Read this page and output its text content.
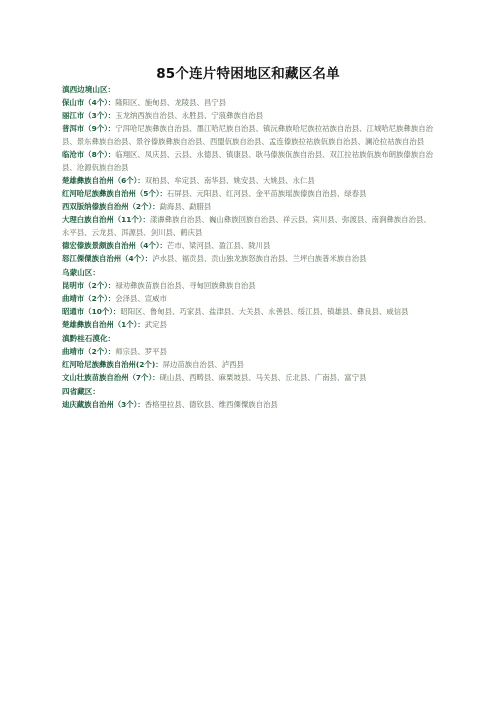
85个连片特困地区和藏区名单
滇西边境山区：
保山市（4个）：隆阳区、施甸县、龙陵县、昌宁县
丽江市（3个）：玉龙纳西族自治县、永胜县、宁蒗彝族自治县
普洱市（9个）：宁洱哈尼族彝族自治县、墨江哈尼族自治县、镇沅彝族哈尼族拉祜族自治县、江城哈尼族彝族自治县、景东彝族自治县、景谷傣族彝族自治县、西盟佤族自治县、孟连傣族拉祜族佤族自治县、澜沧拉祜族自治县
临沧市（8个）：临翔区、凤庆县、云县、永德县、镇康县、耿马傣族佤族自治县、双江拉祜族佤族布朗族傣族自治县、沧源佤族自治县
楚雄彝族自治州（6个）：双柏县、牟定县、南华县、姚安县、大姚县、永仁县
红河哈尼族彝族自治州（5个）：石屏县、元阳县、红河县、金平苗族瑶族傣族自治县、绿春县
西双版纳傣族自治州（2个）：勐海县、勐腊县
大理白族自治州（11个）：漾濞彝族自治县、巍山彝族回族自治县、祥云县、宾川县、弥渡县、南涧彝族自治县、永平县、云龙县、洱源县、剑川县、鹤庆县
德宏傣族景颇族自治州（4个）：芒市、梁河县、盈江县、陇川县
怒江傈僳族自治州（4个）：泸水县、福贡县、贡山独龙族怒族自治县、兰坪白族普米族自治县
乌蒙山区：
昆明市（2个）：禄劝彝族苗族自治县、寻甸回族彝族自治县
曲靖市（2个）：会泽县、宣威市
昭通市（10个）：昭阳区、鲁甸县、巧家县、盐津县、大关县、永善县、绥江县、镇雄县、彝良县、威信县
楚雄彝族自治州（1个）：武定县
滇黔桂石漠化：
曲靖市（2个）：师宗县、罗平县
红河哈尼族彝族自治州(2个)：屏边苗族自治县、泸西县
文山壮族苗族自治州（7个）：砚山县、西畴县、麻栗坡县、马关县、丘北县、广南县、富宁县
四省藏区：
迪庆藏族自治州（3个）：香格里拉县、德钦县、维西傈僳族自治县
